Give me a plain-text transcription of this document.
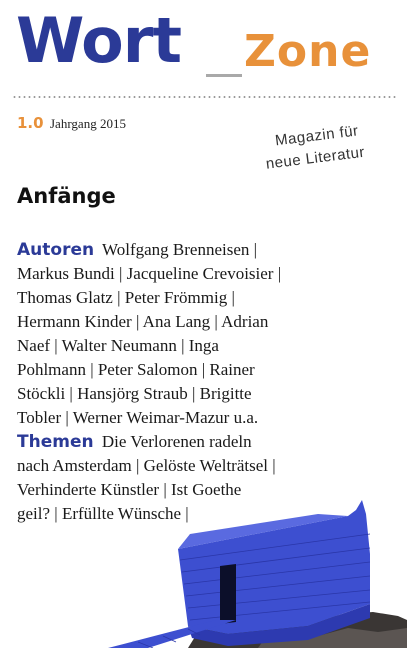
Wort Zone
1.0 Jahrgang 2015	Magazin für
neue Literatur
Anfänge
Autoren Wolfgang Brenneisen |
Markus Bundi | Jacqueline Crevoisier |
Thomas Glatz | Peter Frömmig |
Hermann Kinder | Ana Lang | Adrian
Naef | Walter Neumann | Inga
Pohlmann | Peter Salomon | Rainer
Stöckli | Hansjörg Straub | Brigitte
Tobler | Werner Weimar-Mazur u.a.
Themen Die Verlorenen radeln
nach Amsterdam | Gelöste Welträtsel |
Verhinderte Künstler | Ist Goethe
geil? | Erfüllte Wünsche |
